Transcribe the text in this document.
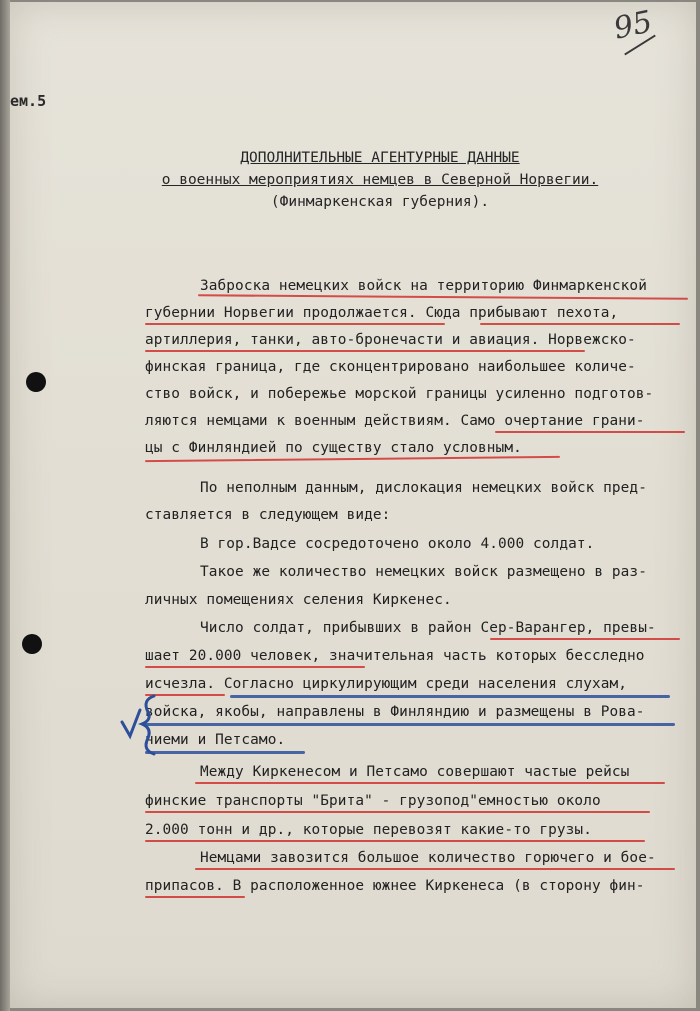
95
ем.5
ДОПОЛНИТЕЛЬНЫЕ АГЕНТУРНЫЕ ДАННЫЕ
о военных мероприятиях немцев в Северной Норвегии.
(Финмаркенская губерния).
Заброска немецких войск на территорию Финмаркенской
губернии Норвегии продолжается. Сюда прибывают пехота,
артиллерия, танки, авто-бронечасти и авиация. Норвежско-
финская граница, где сконцентрировано наибольшее количе-
ство войск, и побережье морской границы усиленно подготов-
ляются немцами к военным действиям. Само очертание грани-
цы с Финляндией по существу стало условным.
По неполным данным, дислокация немецких войск пред-
ставляется в следующем виде:
В гор.Вадсе сосредоточено около 4.000 солдат.
Такое же количество немецких войск размещено в раз-
личных помещениях селения Киркенес.
Число солдат, прибывших в район Сер-Варангер, превы-
шает 20.000 человек, значительная часть которых бесследно
исчезла. Согласно циркулирующим среди населения слухам,
войска, якобы, направлены в Финляндию и размещены в Рова-
ниеми и Петсамо.
Между Киркенесом и Петсамо совершают частые рейсы
финские транспорты "Брита" - грузопод"емностью около
2.000 тонн и др., которые перевозят какие-то грузы.
Немцами завозится большое количество горючего и бое-
припасов. В расположенное южнее Киркенеса (в сторону фин-
